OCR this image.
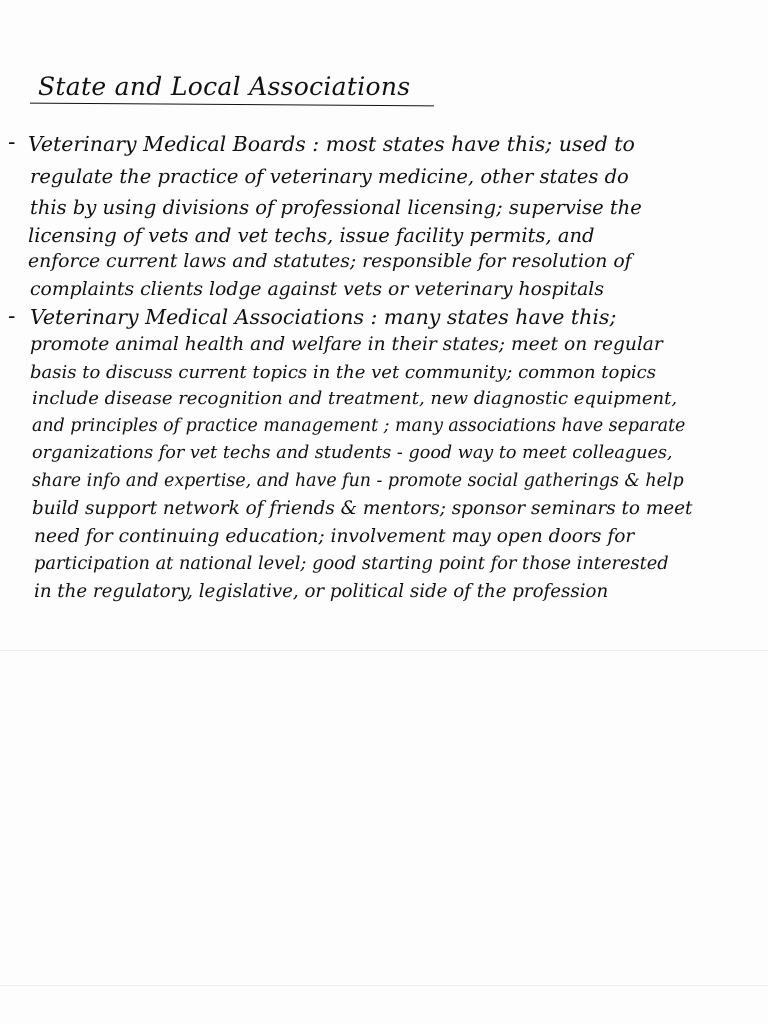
State and Local Associations
- Veterinary Medical Boards : most states have this; used to
regulate the practice of veterinary medicine, other states do
this by using divisions of professional licensing; supervise the
licensing of vets and vet techs, issue facility permits, and
enforce current laws and statutes; responsible for resolution of
complaints clients lodge against vets or veterinary hospitals
- Veterinary Medical Associations : many states have this;
promote animal health and welfare in their states; meet on regular
basis to discuss current topics in the vet community; common topics
include disease recognition and treatment, new diagnostic equipment,
and principles of practice management ; many associations have separate
organizations for vet techs and students - good way to meet colleagues,
share info and expertise, and have fun - promote social gatherings & help
build support network of friends & mentors; sponsor seminars to meet
need for continuing education; involvement may open doors for
participation at national level; good starting point for those interested
in the regulatory, legislative, or political side of the profession
